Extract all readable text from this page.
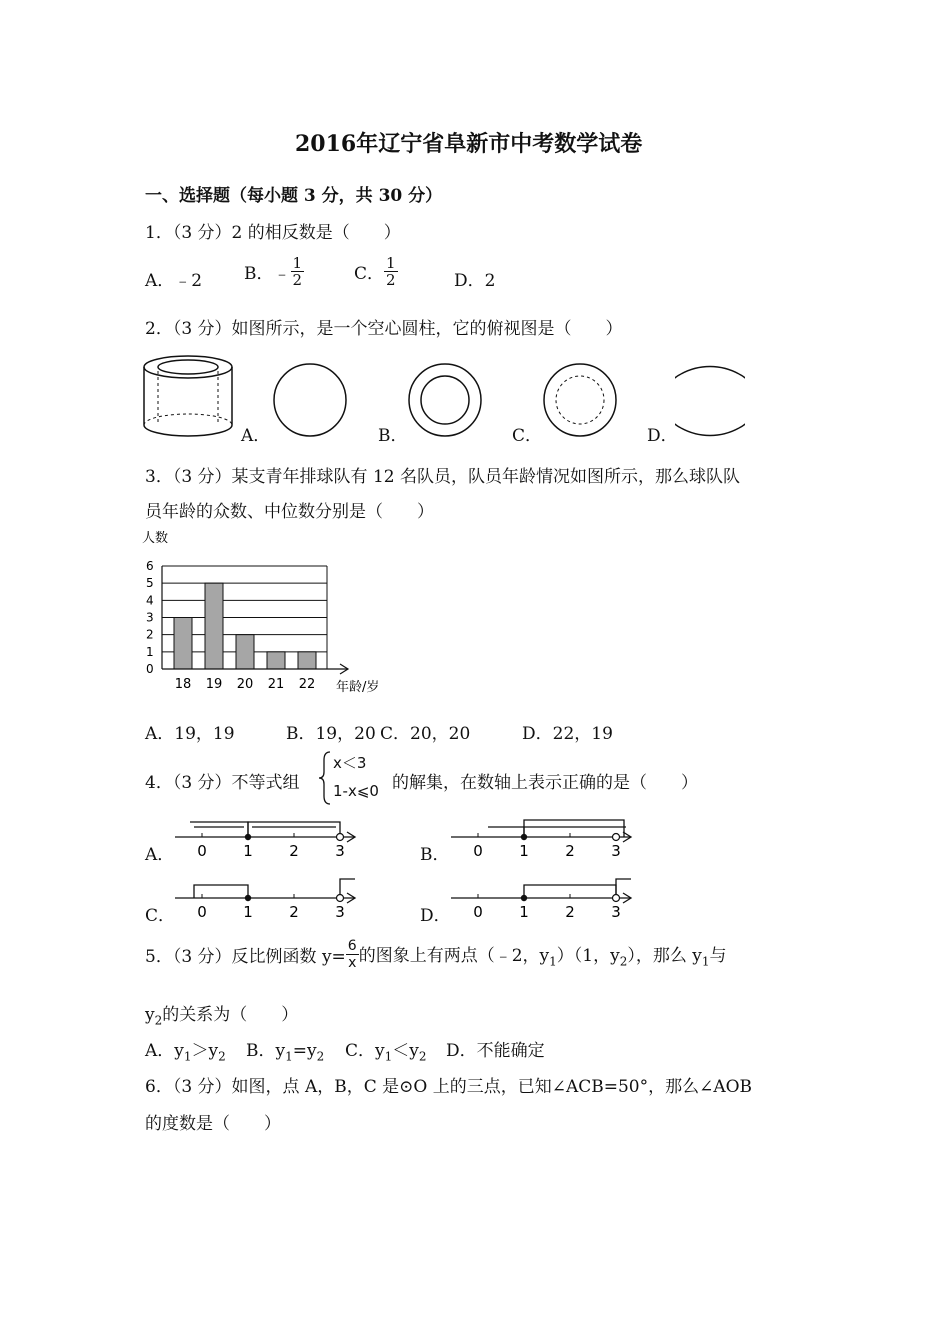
2016年辽宁省阜新市中考数学试卷
一、选择题（每小题 3 分，共 30 分）
1．（3 分）2 的相反数是（　　）
A．﹣2 B．﹣ $\frac{1}{2}$	C． $\frac{1}{2}$	D．2
2．（3 分）如图所示，是一个空心圆柱，它的俯视图是（　　）
A．	B．	C．	D．
3．（3 分）某支青年排球队有 12 名队员，队员年龄情况如图所示，那么球队队
员年龄的众数、中位数分别是（　　）
人数
年龄/岁
0
1
2
3
4
5
6
18 19 20 21 22
A．19，19	B．19，20 C．20，20	D．22，19
4．（3 分）不等式组
x＜3
1-x⩽0 的解集，在数轴上表示正确的是（　　）
A． 0 1 2 3	B． 0 1 2 3
C． 0 1 2 3	D． 0 1 2 3
5．（3 分）反比例函数 $y= \frac{6}{x}$ 的图象上有两点（﹣2，$y_1)(1$，$y_2$），那么 $y_1$与
$y_2$的关系为（　　）
A．$y_1>y_2$ B．$y_1=y_2$ C．$y_1<y_2$ D．不能确定
6．（3 分）如图，点 A，B，C 是⊙O 上的三点，已知∠ACB=50°，那么∠AOB
的度数是（　　）
